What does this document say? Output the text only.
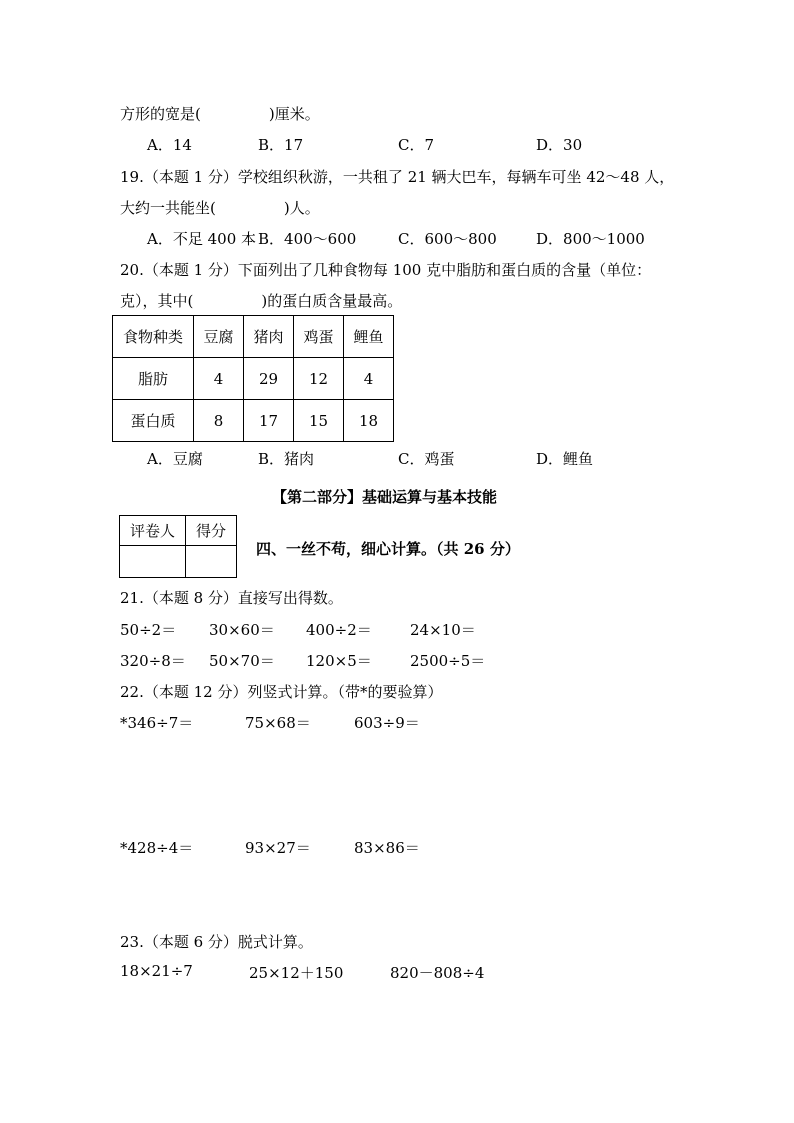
方形的宽是(	)厘米。
A．14	B．17	C．7	D．30
19.（本题 1 分）学校组织秋游，一共租了 21 辆大巴车，每辆车可坐 42～48 人，
大约一共能坐(	)人。
A．不足 400 本 B．400～600	C．600～800	D．800～1000
20.（本题 1 分）下面列出了几种食物每 100 克中脂肪和蛋白质的含量（单位：
克），其中(	)的蛋白质含量最高。
食物种类	豆腐	猪肉	鸡蛋	鲤鱼
脂肪	4	29	12	4
蛋白质	8	17	15	18
A．豆腐	B．猪肉	C．鸡蛋	D．鲤鱼
【第二部分】基础运算与基本技能
评卷人	得分

四、一丝不苟，细心计算。（共 26 分）
21.（本题 8 分）直接写出得数。
50÷2＝ 30×60＝ 400÷2＝	24×10＝
320÷8＝ 50×70＝ 120×5＝	2500÷5＝
22.（本题 12 分）列竖式计算。（带*的要验算）
*346÷7＝	75×68＝	603÷9＝
*428÷4＝	93×27＝	83×86＝
23.（本题 6 分）脱式计算。
18×21÷7	25×12＋150	820－808÷4
